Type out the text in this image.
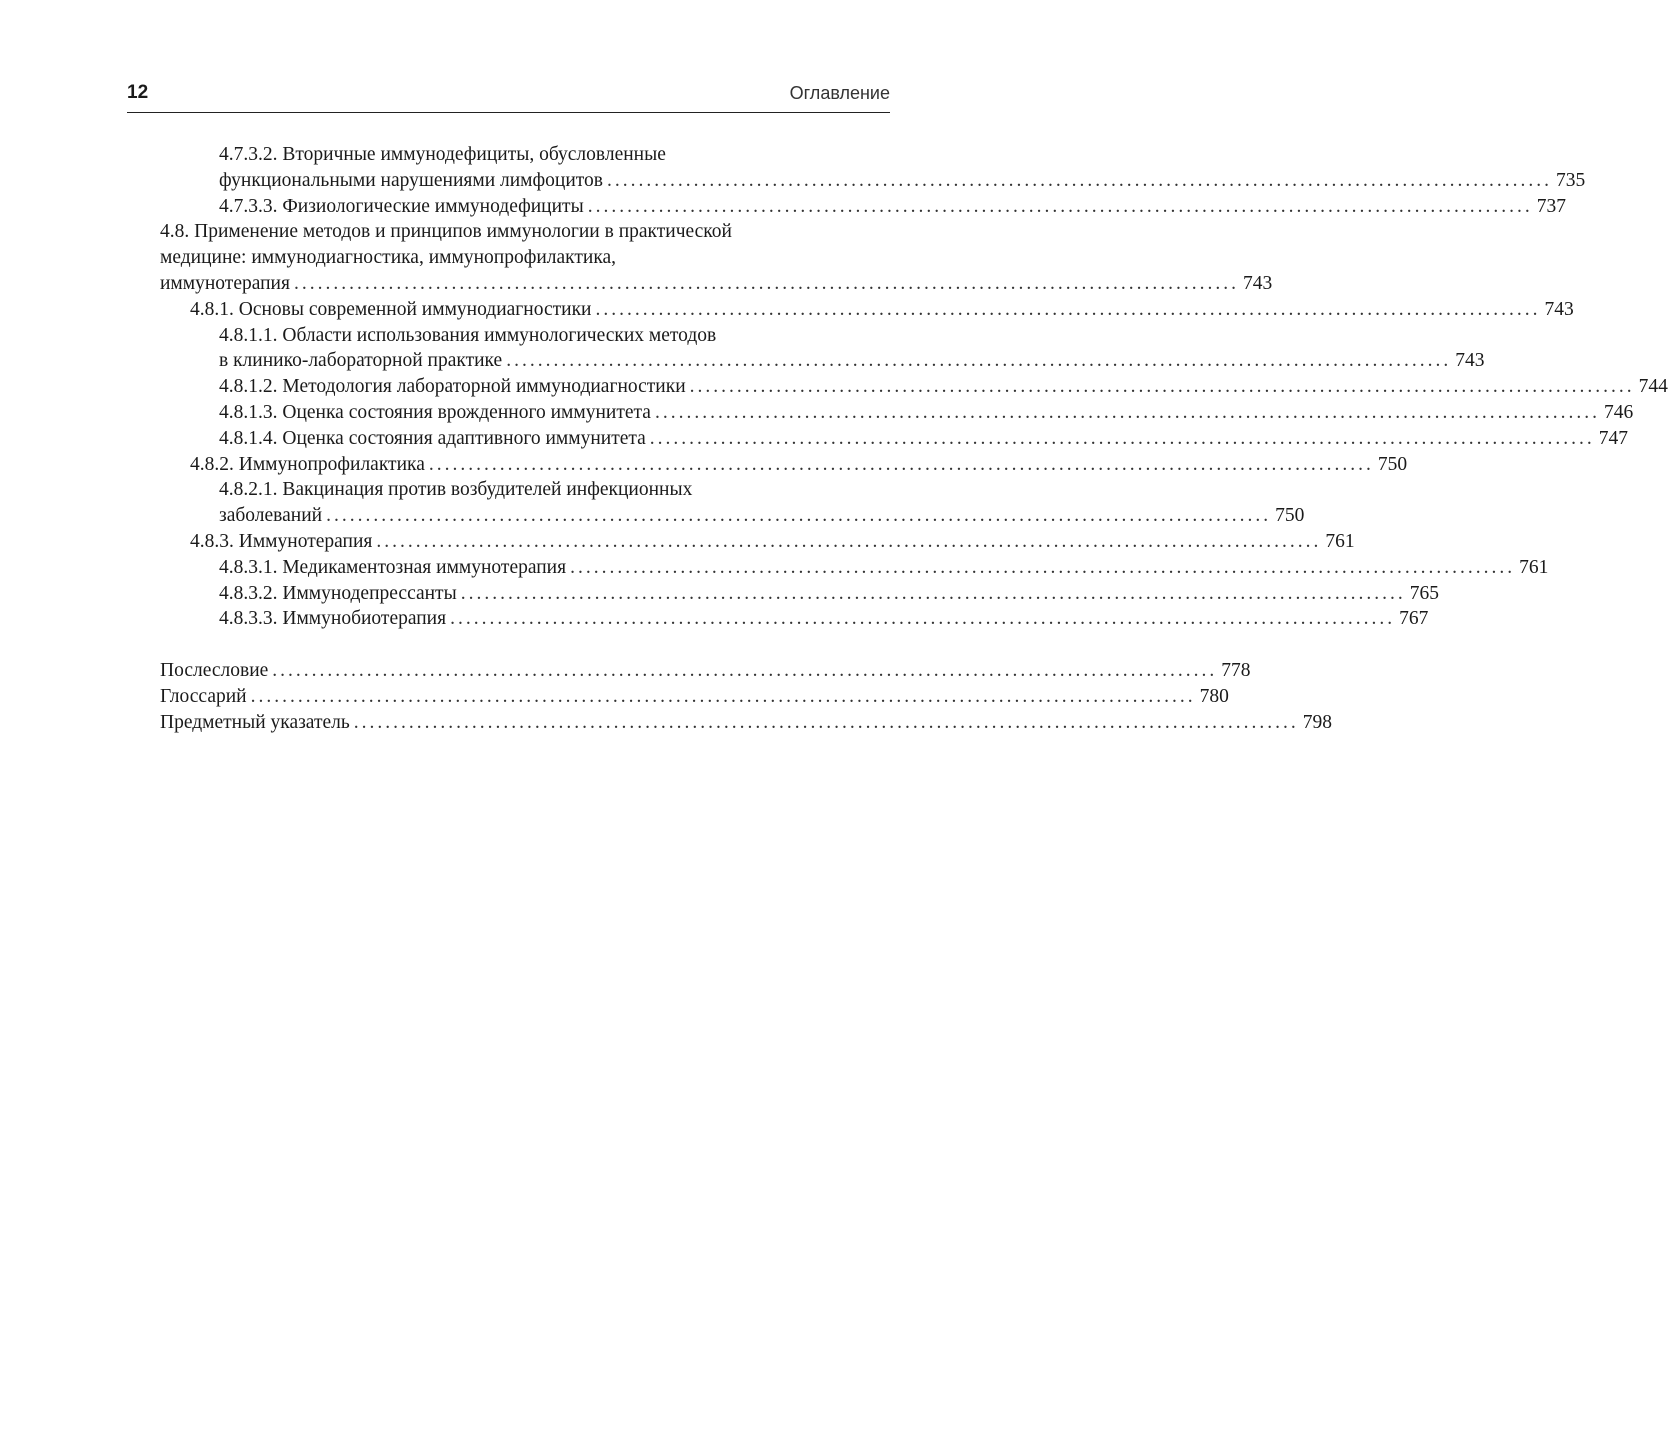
12	Оглавление
4.7.3.2. Вторичные иммунодефициты, обусловленные
функциональными нарушениями лимфоцитов ........................................................................................................................ 735
4.7.3.3. Физиологические иммунодефициты ........................................................................................................................ 737
4.8. Применение методов и принципов иммунологии в практической
медицине: иммунодиагностика, иммунопрофилактика,
иммунотерапия ........................................................................................................................ 743
4.8.1. Основы современной иммунодиагностики ........................................................................................................................ 743
4.8.1.1. Области использования иммунологических методов
в клинико-лабораторной практике ........................................................................................................................ 743
4.8.1.2. Методология лабораторной иммунодиагностики ........................................................................................................................ 744
4.8.1.3. Оценка состояния врожденного иммунитета ........................................................................................................................ 746
4.8.1.4. Оценка состояния адаптивного иммунитета ........................................................................................................................ 747
4.8.2. Иммунопрофилактика ........................................................................................................................ 750
4.8.2.1. Вакцинация против возбудителей инфекционных
заболеваний ........................................................................................................................ 750
4.8.3. Иммунотерапия ........................................................................................................................ 761
4.8.3.1. Медикаментозная иммунотерапия ........................................................................................................................ 761
4.8.3.2. Иммунодепрессанты ........................................................................................................................ 765
4.8.3.3. Иммунобиотерапия ........................................................................................................................ 767
Послесловие ........................................................................................................................ 778
Глоссарий ........................................................................................................................ 780
Предметный указатель ........................................................................................................................ 798
